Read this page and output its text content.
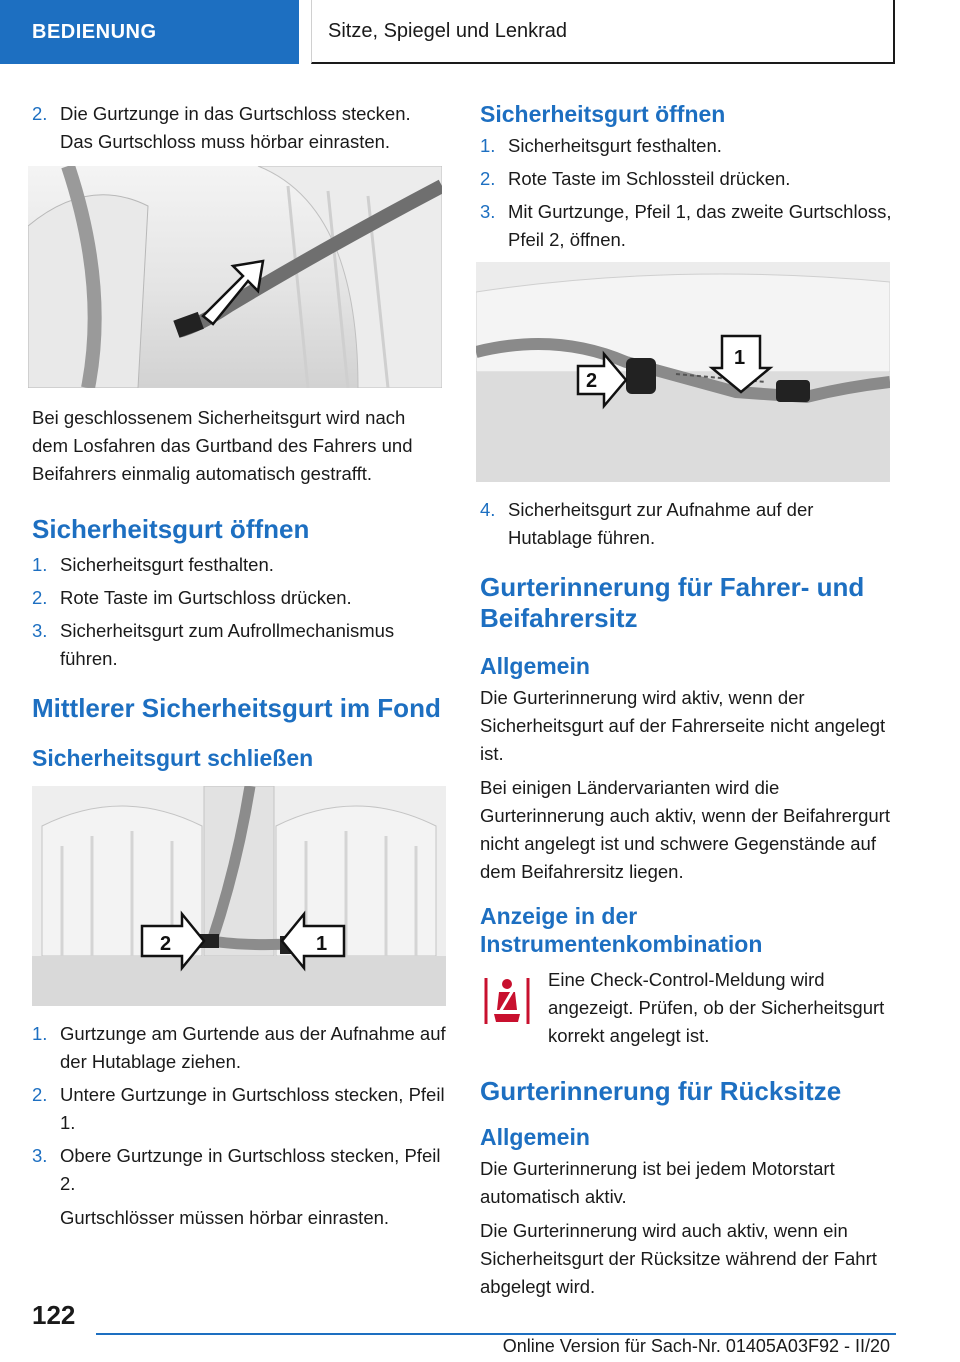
BEDIENUNG	Sitze, Spiegel und Lenkrad
2. Die Gurtzunge in das Gurtschloss stecken. Das Gurtschloss muss hörbar einrasten.

Bei geschlossenem Sicherheitsgurt wird nach dem Losfahren das Gurtband des Fahrers und Beifahrers einmalig automatisch gestrafft.

Sicherheitsgurt öffnen
1. Sicherheitsgurt festhalten.
2. Rote Taste im Gurtschloss drücken.
3. Sicherheitsgurt zum Aufrollmechanismus führen.
Mittlerer Sicherheitsgurt im Fond
Sicherheitsgurt schließen
2	1
1. Gurtzunge am Gurtende aus der Aufnahme auf der Hutablage ziehen.
2. Untere Gurtzunge in Gurtschloss stecken, Pfeil 1.
3. Obere Gurtzunge in Gurtschloss stecken, Pfeil 2.

Gurtschlösser müssen hörbar einrasten.

Sicherheitsgurt öffnen
1. Sicherheitsgurt festhalten.
2. Rote Taste im Schlossteil drücken.
3. Mit Gurtzunge, Pfeil 1, das zweite Gurtschloss, Pfeil 2, öffnen.
2
1
4. Sicherheitsgurt zur Aufnahme auf der Hutablage führen.
Gurterinnerung für Fahrer- und Beifahrersitz
Allgemein

Die Gurterinnerung wird aktiv, wenn der Sicherheitsgurt auf der Fahrerseite nicht angelegt ist.

Bei einigen Ländervarianten wird die Gurterinnerung auch aktiv, wenn der Beifahrergurt nicht angelegt ist und schwere Gegenstände auf dem Beifahrersitz liegen.

Anzeige in der Instrumentenkombination

Eine Check-Control-Meldung wird angezeigt. Prüfen, ob der Sicherheitsgurt korrekt angelegt ist.

Gurterinnerung für Rücksitze
Allgemein

Die Gurterinnerung ist bei jedem Motorstart automatisch aktiv.

Die Gurterinnerung wird auch aktiv, wenn ein Sicherheitsgurt der Rücksitze während der Fahrt abgelegt wird.

122
Online Version für Sach-Nr. 01405A03F92 - II/20
